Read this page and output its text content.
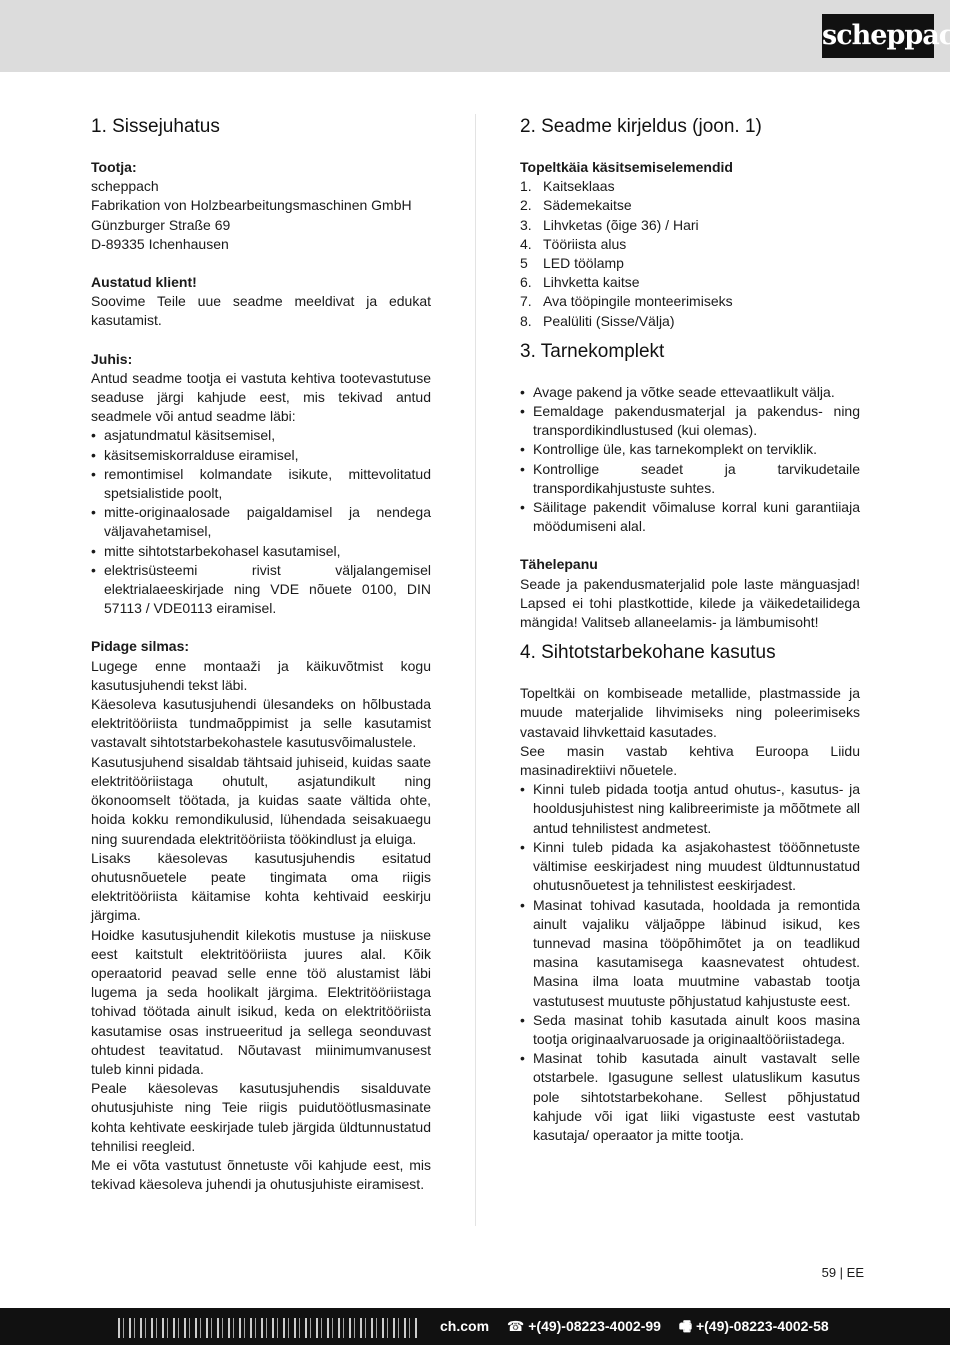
scheppach
1. Sissejuhatus
Tootja:
scheppach
Fabrikation von Holzbearbeitungsmaschinen GmbH
Günzburger Straße 69
D-89335 Ichenhausen
Austatud klient!

Soovime Teile uue seadme meeldivat ja edukat kasutamist.

Juhis:

Antud seadme tootja ei vastuta kehtiva tootevastutuse seaduse järgi kahjude eest, mis tekivad antud seadmele või antud seadme läbi:

• asjatundmatul käsitsemisel,
• käsitsemiskorralduse eiramisel,
• remontimisel kolmandate isikute, mittevolitatud spetsialistide poolt,
• mitte-originaalosade paigaldamisel ja nendega väljavahetamisel,
• mitte sihtotstarbekohasel kasutamisel,
• elektrisüsteemi rivist väljalangemisel elektrialaeeskirjade ning VDE nõuete 0100, DIN 57113 / VDE0113 eiramisel.
Pidage silmas:

Lugege enne montaaži ja käikuvõtmist kogu kasutusjuhendi tekst läbi.

Käesoleva kasutusjuhendi ülesandeks on hõlbustada elektritööriista tundmaõppimist ja selle kasutamist vastavalt sihtotstarbekohastele kasutusvõimalustele.

Kasutusjuhend sisaldab tähtsaid juhiseid, kuidas saate elektritööriistaga ohutult, asjatundikult ning ökonoomselt töötada, ja kuidas saate vältida ohte, hoida kokku remondikulusid, lühendada seisakuaegu ning suurendada elektritööriista töökindlust ja eluiga.

Lisaks käesolevas kasutusjuhendis esitatud ohutusnõuetele peate tingimata oma riigis elektritööriista käitamise kohta kehtivaid eeskirju järgima.

Hoidke kasutusjuhendit kilekotis mustuse ja niiskuse eest kaitstult elektritööriista juures alal. Kõik operaatorid peavad selle enne töö alustamist läbi lugema ja seda hoolikalt järgima. Elektritööriistaga tohivad töötada ainult isikud, keda on elektritööriista kasutamise osas instrueeritud ja sellega seonduvast ohtudest teavitatud. Nõutavast miinimumvanusest tuleb kinni pidada.

Peale käesolevas kasutusjuhendis sisalduvate ohutusjuhiste ning Teie riigis puidutöötlusmasinate kohta kehtivate eeskirjade tuleb järgida üldtunnustatud tehnilisi reegleid.

Me ei võta vastutust õnnetuste või kahjude eest, mis tekivad käesoleva juhendi ja ohutusjuhiste eiramisest.

2. Seadme kirjeldus (joon. 1)
Topeltkäia käsitsemiselemendid
1. Kaitseklaas
2. Sädemekaitse
3. Lihvketas (õige 36) / Hari
4. Tööriista alus
5	LED töölamp
6. Lihvketta kaitse
7. Ava tööpingile monteerimiseks
8. Pealüliti (Sisse/Välja)
3. Tarnekomplekt
• Avage pakend ja võtke seade ettevaatlikult välja.
• Eemaldage pakendusmaterjal ja pakendus- ning transpordikindlustused (kui olemas).
• Kontrollige üle, kas tarnekomplekt on terviklik.
• Kontrollige seadet ja tarvikudetaile transpordikahjustuste suhtes.
• Säilitage pakendit võimaluse korral kuni garantiiaja möödumiseni alal.
Tähelepanu

Seade ja pakendusmaterjalid pole laste mänguasjad! Lapsed ei tohi plastkottide, kilede ja väikedetailidega mängida! Valitseb allaneelamis- ja lämbumisoht!

4. Sihtotstarbekohane kasutus

Topeltkäi on kombiseade metallide, plastmasside ja muude materjalide lihvimiseks ning poleerimiseks vastavaid lihvkettaid kasutades.

See masin vastab kehtiva Euroopa Liidu masinadirektiivi nõuetele.

• Kinni tuleb pidada tootja antud ohutus-, kasutus- ja hooldusjuhistest ning kalibreerimiste ja mõõtmete all antud tehnilistest andmetest.
• Kinni tuleb pidada ka asjakohastest tööõnnetuste vältimise eeskirjadest ning muudest üldtunnustatud ohutusnõuetest ja tehnilistest eeskirjadest.
• Masinat tohivad kasutada, hooldada ja remontida ainult vajaliku väljaõppe läbinud isikud, kes tunnevad masina tööpõhimõtet ja on teadlikud masina kasutamisega kaasnevatest ohtudest. Masina ilma loata muutmine vabastab tootja vastutusest muutuste põhjustatud kahjustuste eest.
• Seda masinat tohib kasutada ainult koos masina tootja originaalvaruosade ja originaaltööriistadega.
• Masinat tohib kasutada ainult vastavalt selle otstarbele. Igasugune sellest ulatuslikum kasutus pole sihtotstarbekohane. Sellest põhjustatud kahjude või igat liiki vigastuste eest vastutab kasutaja/ operaator ja mitte tootja.
59 | EE
ch.com ☎ +(49)-08223-4002-99 🖷 +(49)-08223-4002-58
